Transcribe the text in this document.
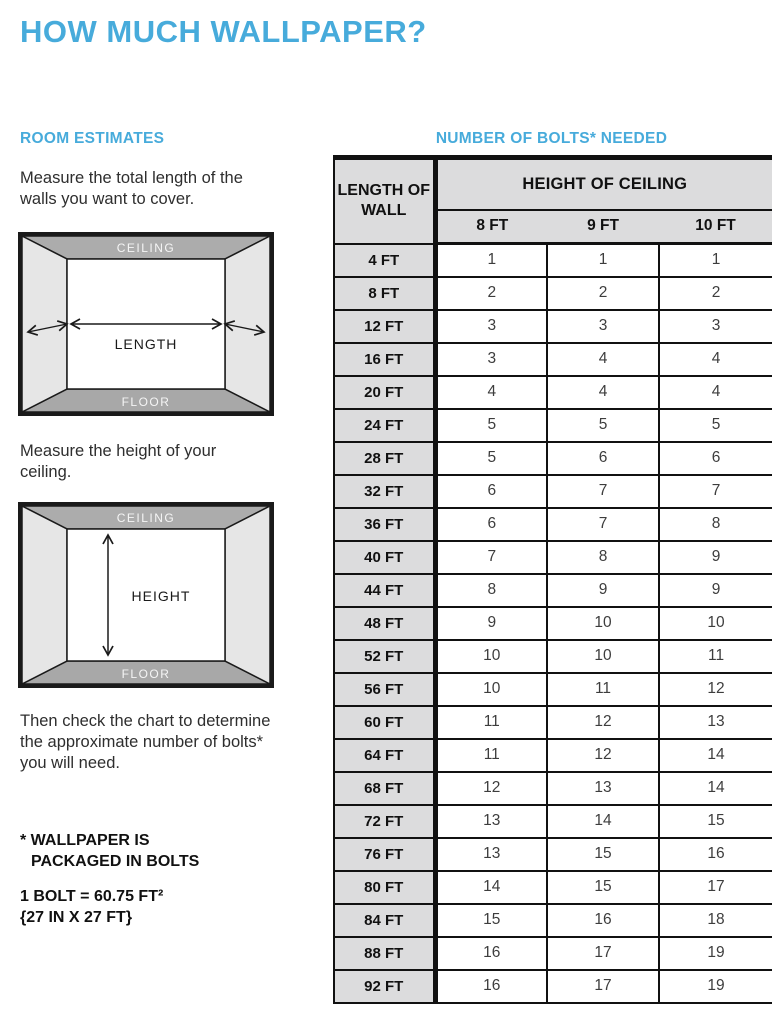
HOW MUCH WALLPAPER?
ROOM ESTIMATES	NUMBER OF BOLTS* NEEDED

Measure the total length of the walls you want to cover.

CEILING
FLOOR
LENGTH

Measure the height of your ceiling.

CEILING
FLOOR
HEIGHT

Then check the chart to determine the approximate number of bolts* you will need.

* WALLPAPER IS
PACKAGED IN BOLTS
1 BOLT = 60.75 FT²
{27 IN X 27 FT}
LENGTH OF WALL	HEIGHT OF CEILING		
	8 FT	9 FT	10 FT
4 FT	1	1	1
8 FT	2	2	2
12 FT	3	3	3
16 FT	3	4	4
20 FT	4	4	4
24 FT	5	5	5
28 FT	5	6	6
32 FT	6	7	7
36 FT	6	7	8
40 FT	7	8	9
44 FT	8	9	9
48 FT	9	10	10
52 FT	10	10	11
56 FT	10	11	12
60 FT	11	12	13
64 FT	11	12	14
68 FT	12	13	14
72 FT	13	14	15
76 FT	13	15	16
80 FT	14	15	17
84 FT	15	16	18
88 FT	16	17	19
92 FT	16	17	19
